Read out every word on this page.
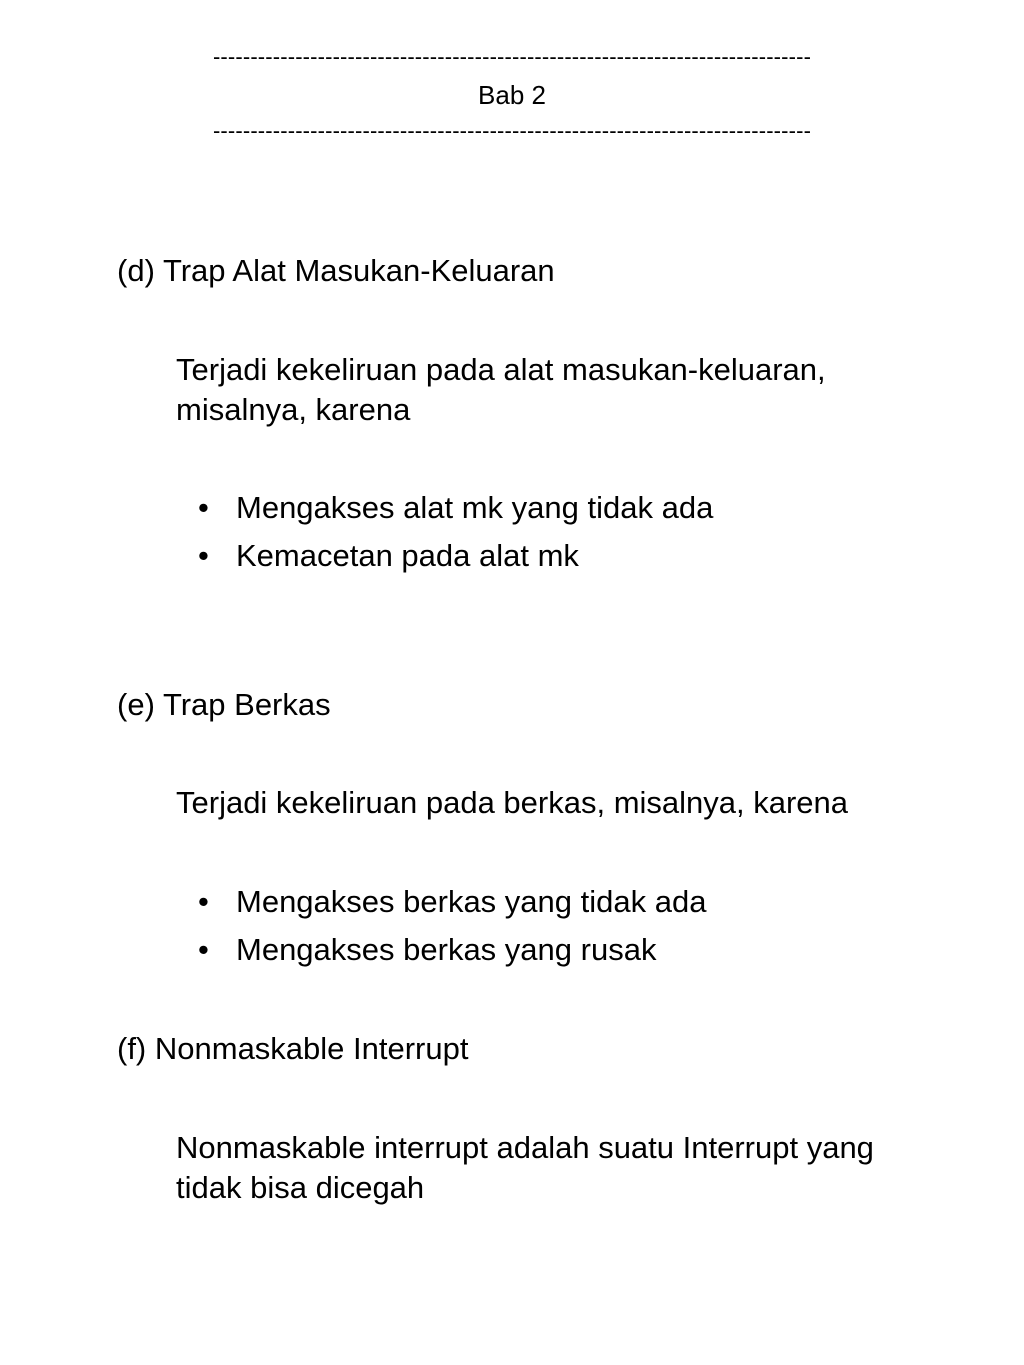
--------------------------------------------------------------------------------
Bab 2
--------------------------------------------------------------------------------
(d) Trap Alat Masukan-Keluaran
Terjadi kekeliruan pada alat masukan-keluaran,
misalnya, karena
• Mengakses alat mk yang tidak ada
• Kemacetan pada alat mk
(e) Trap Berkas
Terjadi kekeliruan pada berkas, misalnya, karena
• Mengakses berkas yang tidak ada
• Mengakses berkas yang rusak
(f) Nonmaskable Interrupt
Nonmaskable interrupt adalah suatu Interrupt yang
tidak bisa dicegah
